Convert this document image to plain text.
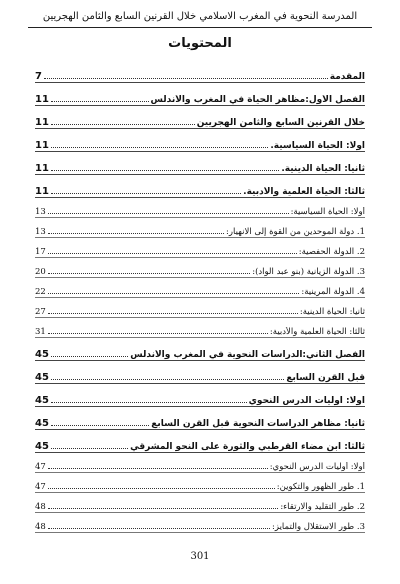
المدرسة النحوية في المغرب الاسلامي خلال القرنين السابع والثامن الهجريين
المحتويات
المقدمة
7
الفصل الأول:مظاهر الحياة في المغرب والأندلس
11
خلال القرنين السابع والثامن الهجريين
11
أولا: الحياة السياسية.
11
ثانيا: الحياة الدينية.
11
ثالثا: الحياة العلمية والأدبية.
11
أولا: الحياة السياسية:
13
1. دولة الموحدين من القوة إلى الانهيار:
13
2. الدولة الحفصية:
17
3. الدولة الزيانية (بنو عبد الواد):
20
4. الدولة المرينية:
22
ثانيا: الحياة الدينية:
27
ثالثا: الحياة العلمية والأدبية:
31
الفصل الثاني:الدراسات النحوية في المغرب والأندلس
45
قبل القرن السابع
45
أولا: أوليات الدرس النحوي
45
ثانيا: مظاهر الدراسات النحوية قبل القرن السابع
45
ثالثا: ابن مضاء القرطبي والثورة على النحو المشرقي
45
أولا: أوليات الدرس النحوي:
47
1. طور الظهور والتكوين:
47
2. طور التقليد والارتقاء:
48
3. طور الاستقلال والتمايز:
48
301
